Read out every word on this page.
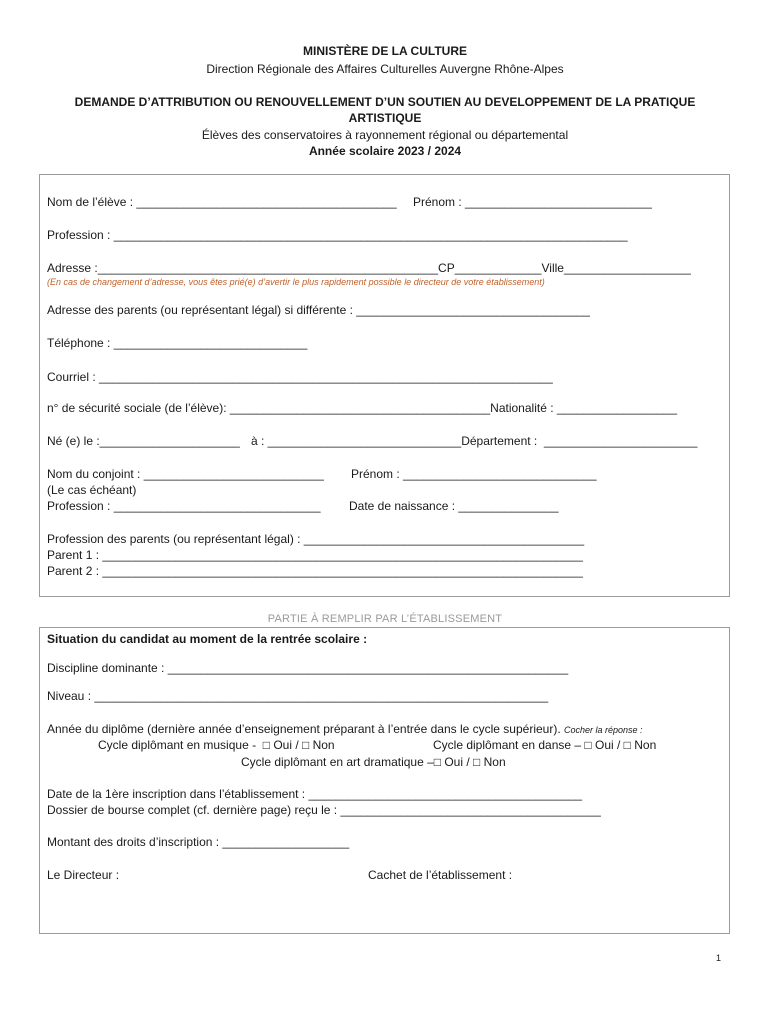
MINISTÈRE DE LA CULTURE
Direction Régionale des Affaires Culturelles Auvergne Rhône-Alpes
DEMANDE D’ATTRIBUTION OU RENOUVELLEMENT D’UN SOUTIEN AU DEVELOPPEMENT DE LA PRATIQUE
ARTISTIQUE
Élèves des conservatoires à rayonnement régional ou départemental
Année scolaire 2023 / 2024
Nom de l’élève : _______________________________________ Prénom : ____________________________
Profession : _____________________________________________________________________________
Adresse :___________________________________________________CP_____________Ville___________________
(En cas de changement d’adresse, vous êtes prié(e) d’avertir le plus rapidement possible le directeur de votre établissement)
Adresse des parents (ou représentant légal) si différente : ___________________________________
Téléphone : _____________________________
Courriel : ____________________________________________________________________
n° de sécurité sociale (de l’élève): _______________________________________Nationalité : __________________
Né (e) le :_____________________ à : _____________________________Département :  _______________________
Nom du conjoint : ___________________________ Prénom : _____________________________
(Le cas échéant)
Profession : _______________________________ Date de naissance : _______________
Profession des parents (ou représentant légal) : __________________________________________
Parent 1 : ________________________________________________________________________
Parent 2 : ________________________________________________________________________
PARTIE À REMPLIR PAR L’ÉTABLISSEMENT
Situation du candidat au moment de la rentrée scolaire :
Discipline dominante : ____________________________________________________________
Niveau : ____________________________________________________________________
Année du diplôme (dernière année d’enseignement préparant à l’entrée dans le cycle supérieur). Cocher la réponse :
Cycle diplômant en musique -  □ Oui / □ Non	Cycle diplômant en danse – □ Oui / □ Non
Cycle diplômant en art dramatique –□ Oui / □ Non
Date de la 1ère inscription dans l’établissement : _________________________________________
Dossier de bourse complet (cf. dernière page) reçu le : _______________________________________
Montant des droits d’inscription : ___________________
Le Directeur :	Cachet de l’établissement :
1
